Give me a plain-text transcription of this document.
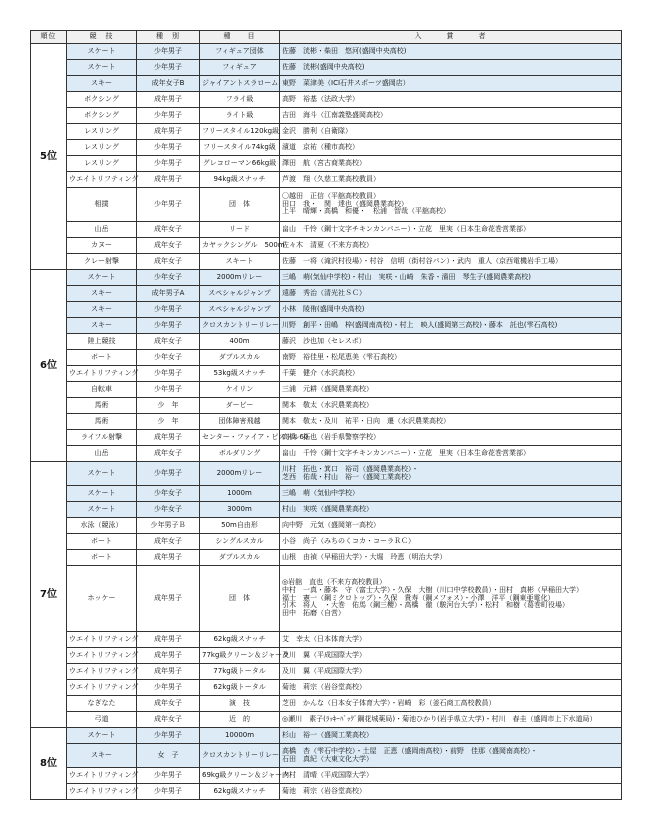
順位	競　技	種　別	種　　目	入　　　賞　　　者
5位	スケート	少年男子	フィギュア団体	佐藤　洸彬・柴田　悠河(盛岡中央高校)

	スケート	少年男子	フィギュア	佐藤　洸彬(盛岡中央高校)

	スキー	成年女子B	ジャイアントスラローム	東野　菜津美（ICI石井スポーツ盛岡店）

	ボクシング	成年男子	フライ級	高野　裕基（法政大学）

	ボクシング	少年男子	ライト級	吉田　海斗（江南義塾盛岡高校）

	レスリング	成年男子	フリースタイル120kg級	金沢　勝利（自衛隊）

	レスリング	少年男子	フリースタイル74kg級	濱道　京祐（種市高校）

	レスリング	少年男子	グレコローマン66kg級	澤田　航（宮古商業高校）

	ウエイトリフティング	成年男子	94kg級スナッチ	芦渡　翔（久慈工業高校教員）

	相撲	少年男子	団　体	〇越田　正信（平舘高校教員）
田口　我・　関　達也（盛岡農業高校）
上平　晴輝・高橋　和優・　松浦　智哉（平舘高校）

	山岳	成年女子	リード	畠山　千怜（鋼十文字チキンカンパニー）・立花　里実（日本生命花巻営業部）

	カヌー	成年女子	カヤックシングル　500m	佐々木　清夏（不来方高校）

	クレー射撃	成年女子	スキート	佐藤　一将（滝沢村役場）・村谷　信明（街村谷パン）・武内　重人（京西電機岩手工場）

6位	スケート	少年女子	2000mリレー	三嶋　萌(気仙中学校)・村山　実咲・山崎　朱香・濱田　琴生子(盛岡農業高校)

	スキー	成年男子A	スペシャルジャンプ	遠藤　秀治（清光社ＳＣ）

	スキー	少年男子	スペシャルジャンプ	小林　陵侑(盛岡中央高校)

	スキー	少年男子	クロスカントリーリレー	川野　創平・田嶋　梓(盛岡南高校)・村上　映人(盛岡第三高校)・藤本　託也(雫石高校)

	陸上競技	成年女子	400m	藤沢　沙也加（セレスポ）

	ボート	少年女子	ダブルスカル	南野　裕佳里・松尾恵美（雫石高校）

	ウエイトリフティング	少年男子	53kg級スナッチ	千葉　健介（水沢高校）

	自転車	少年男子	ケイリン	三浦　元耕（盛岡農業高校）

	馬術	少　年	ダービー	関本　敬太（水沢農業高校）

	馬術	少　年	団体障害飛越	関本　敬太・及川　祐平・日向　遷（水沢農業高校）

	ライフル射撃	成年男子	センター・ファイア・ピストル60	高橋　拓也（岩手県警察学校）

	山岳	成年女子	ボルダリング	畠山　千怜（鋼十文字チキンカンパニー）・立花　里実（日本生命花巻営業部）

7位	スケート	少年男子	2000mリレー	川村　拓也・箕口　裕司（盛岡農業高校）・
芝西　佑哉・村山　裕一（盛岡工業高校）

	スケート	少年女子	1000m	三嶋　萌（気仙中学校）

	スケート	少年女子	3000m	村山　実咲（盛岡農業高校）

	水泳（競泳）	少年男子Ｂ	50m自由形	向中野　元気（盛岡第一高校）

	ボート	成年女子	シングルスカル	小谷　尚子（みちのくコカ・コーラＲＣ）

	ボート	成年男子	ダブルスカル	山根　由禎（早稲田大学）・大堀　玲恵（明治大学）

	ホッケー	成年男子	団　体	◎岩舘　直也（不来方高校教員）
中村　一真・藤本　守（富士大学）・久保　大樹（川口中学校教員）・田村　真彬（早稲田大学）
福士　憲一（鋼ミクロトップ）・久保　貴寿（鋼メフォス）・小澤　洋平（鋼東亜電化）
引木　将人　・大巻　佑馬（鋼三櫻）・高橋　徹（駿河台大学）・松村　和樹（葛巻町役場）
田中　拓磨（自営）

	ウエイトリフティング	成年男子	62kg級スナッチ	艾　幸太（日本体育大学）

	ウエイトリフティング	成年男子	77kg級クリーン＆ジャーク	及川　翼（平成国際大学）

	ウエイトリフティング	成年男子	77kg級トータル	及川　翼（平成国際大学）

	ウエイトリフティング	少年男子	62kg級トータル	菊池　莉宗（岩谷堂高校）

	なぎなた	成年女子	演　技	芝田　かんな（日本女子体育大学）・岩崎　彩（釜石商工高校教員）

	弓道	成年女子	近　的	◎瀬川　素子(ﾗｯｷｰﾊﾞｯｸﾞ鋼花城薬局)・菊池ひかり(岩手県立大学)・村川　春圭（盛岡市上下水道局）

8位	スケート	少年男子	10000m	杉山　裕一（盛岡工業高校）

	スキー	女　子	クロスカントリーリレー	高橋　杏（雫石中学校）・土屋　正恵（盛岡南高校）・前野　佳那（盛岡南高校）・
石田　真紀（大東文化大学）

	ウエイトリフティング	少年男子	69kg級クリーン＆ジャーク	内村　清晴（平成国際大学）

	ウエイトリフティング	少年男子	62kg級スナッチ	菊池　莉宗（岩谷堂高校）
